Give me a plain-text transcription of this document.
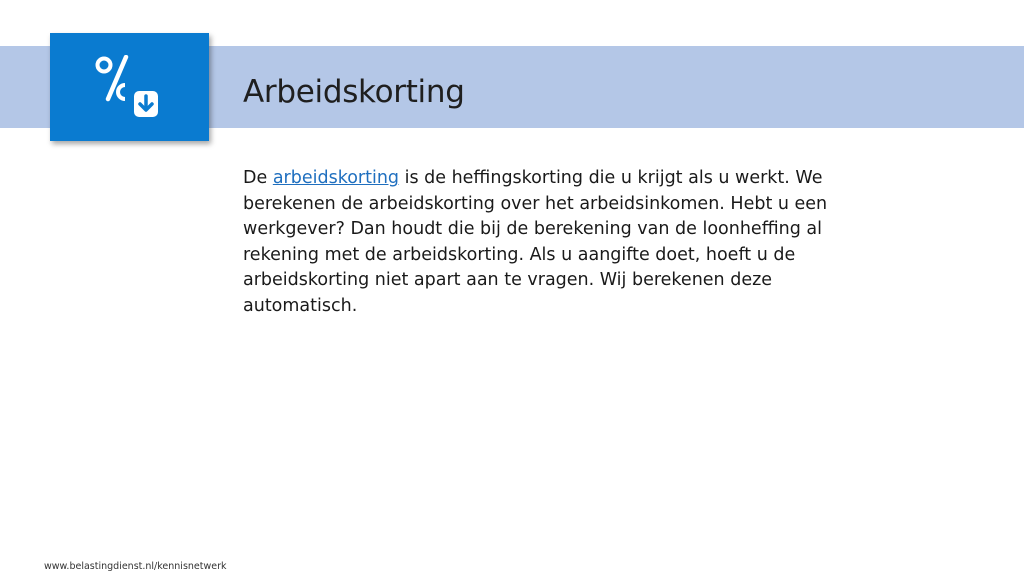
Arbeidskorting

De arbeidskorting is de heffingskorting die u krijgt als u werkt. We berekenen de arbeidskorting over het arbeidsinkomen. Hebt u een werkgever? Dan houdt die bij de berekening van de loonheffing al rekening met de arbeidskorting. Als u aangifte doet, hoeft u de arbeidskorting niet apart aan te vragen. Wij berekenen deze automatisch.

www.belastingdienst.nl/kennisnetwerk
